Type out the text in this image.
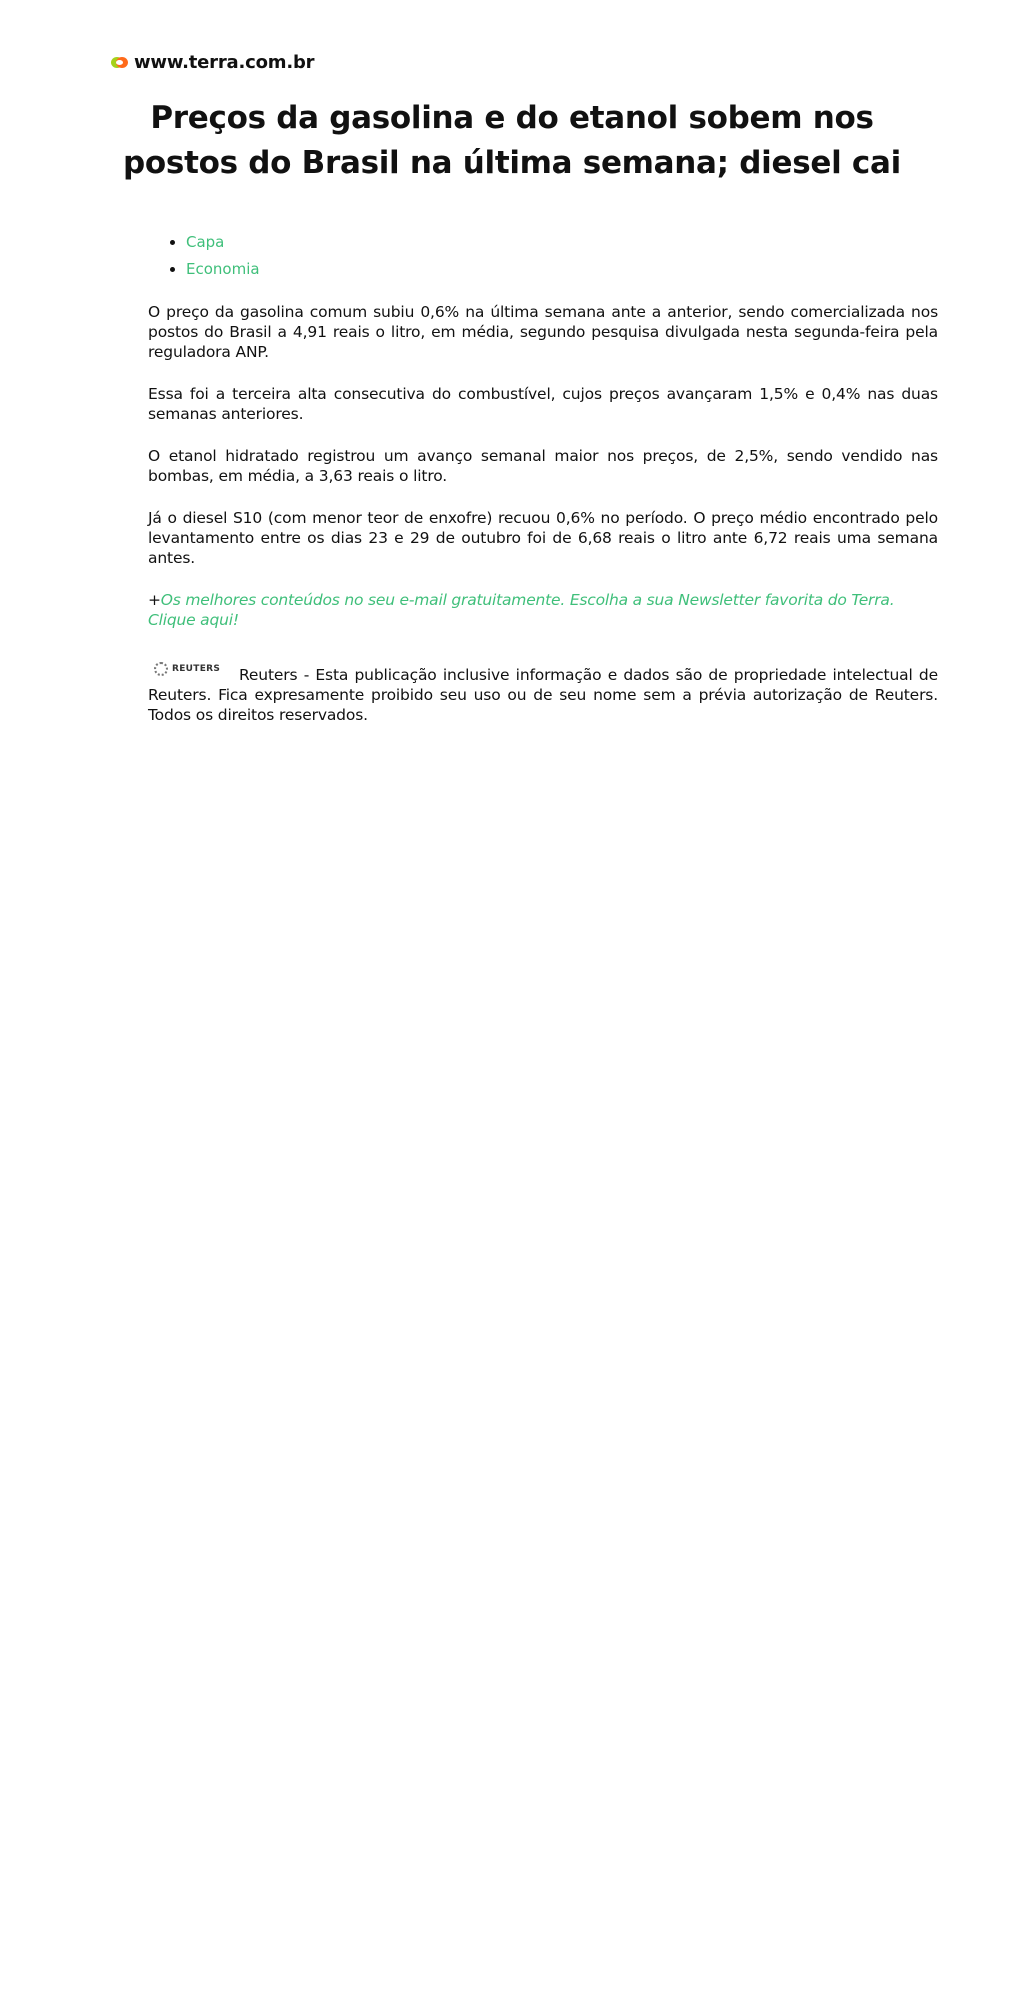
www.terra.com.br
Preços da gasolina e do etanol sobem nos postos do Brasil na última semana; diesel cai
• Capa
• Economia

O preço da gasolina comum subiu 0,6% na última semana ante a anterior, sendo comercializada nos postos do Brasil a 4,91 reais o litro, em média, segundo pesquisa divulgada nesta segunda-feira pela reguladora ANP.

Essa foi a terceira alta consecutiva do combustível, cujos preços avançaram 1,5% e 0,4% nas duas semanas anteriores.

O etanol hidratado registrou um avanço semanal maior nos preços, de 2,5%, sendo vendido nas bombas, em média, a 3,63 reais o litro.

Já o diesel S10 (com menor teor de enxofre) recuou 0,6% no período. O preço médio encontrado pelo levantamento entre os dias 23 e 29 de outubro foi de 6,68 reais o litro ante 6,72 reais uma semana antes.

+Os melhores conteúdos no seu e-mail gratuitamente. Escolha a sua Newsletter favorita do Terra. Clique aqui!

REUTERS Reuters - Esta publicação inclusive informação e dados são de propriedade intelectual de Reuters. Fica expresamente proibido seu uso ou de seu nome sem a prévia autorização de Reuters. Todos os direitos reservados.
